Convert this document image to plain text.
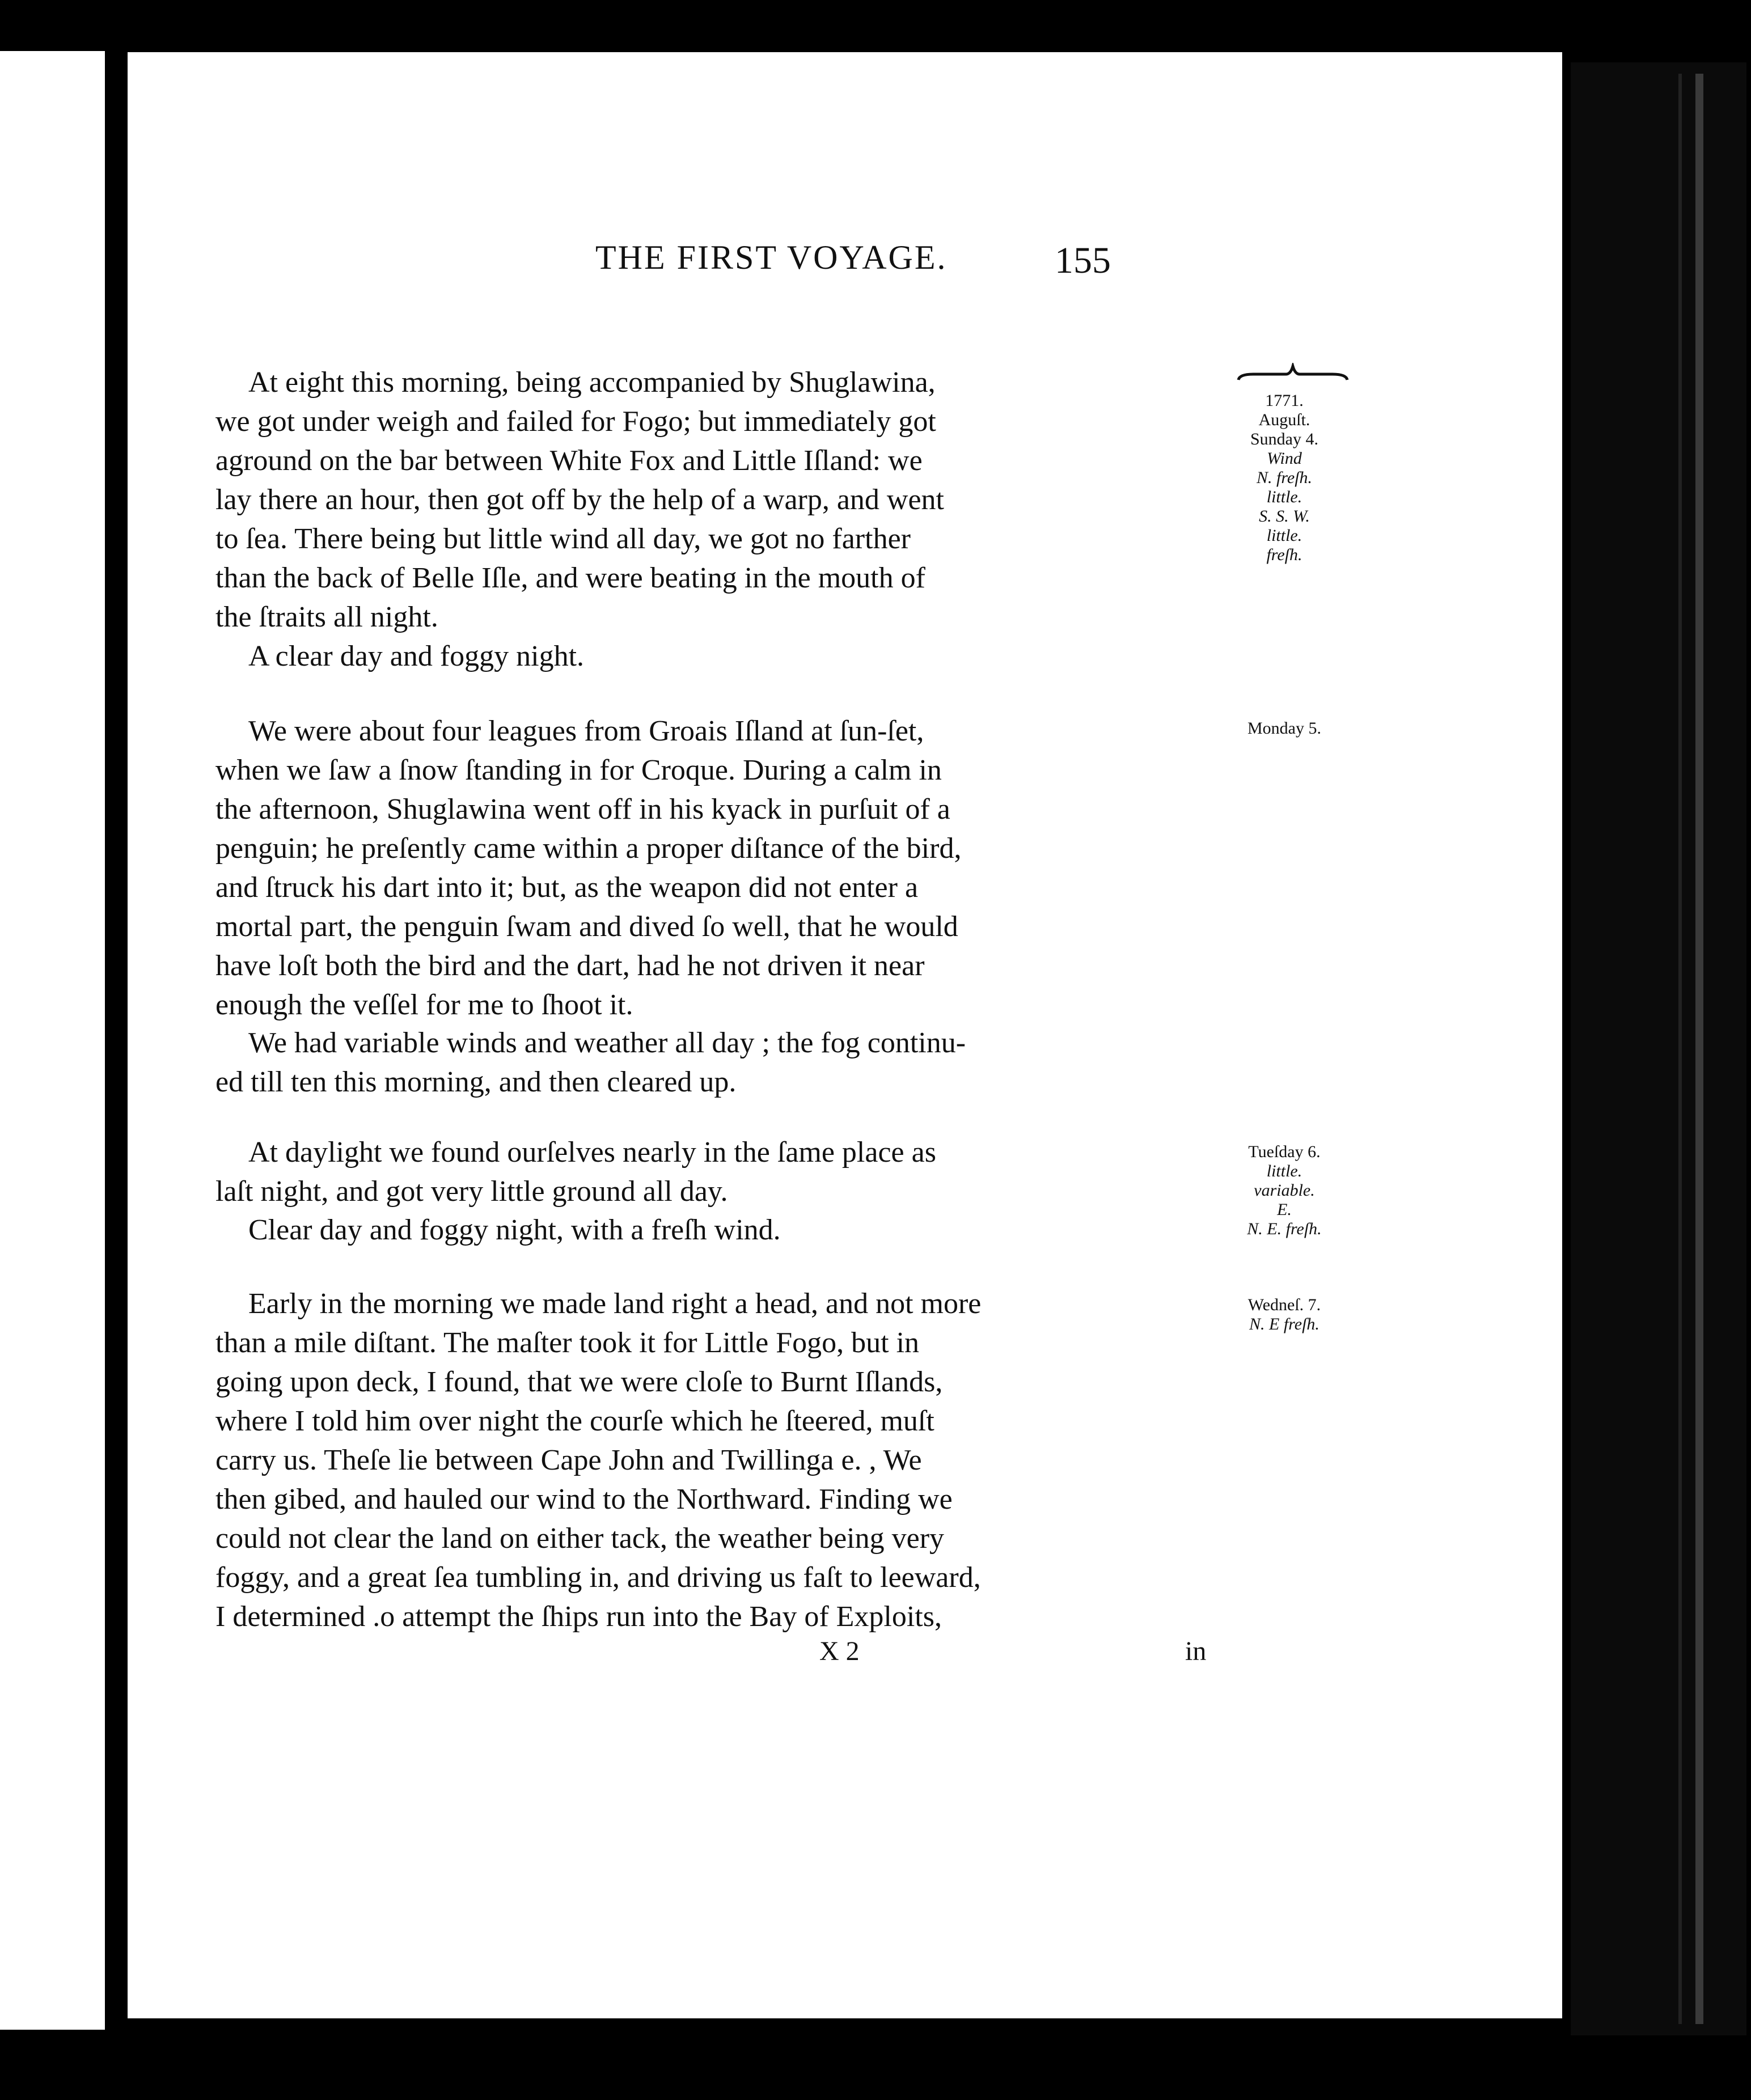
THE FIRST VOYAGE.	155
At eight this morning, being accompanied by Shuglawina,
we got under weigh and failed for Fogo; but immediately got
aground on the bar between White Fox and Little Iſland: we
lay there an hour, then got off by the help of a warp, and went
to ſea. There being but little wind all day, we got no farther
than the back of Belle Iſle, and were beating in the mouth of
the ſtraits all night.
A clear day and foggy night.
We were about four leagues from Groais Iſland at ſun-ſet,
when we ſaw a ſnow ſtanding in for Croque. During a calm in
the afternoon, Shuglawina went off in his kyack in purſuit of a
penguin; he preſently came within a proper diſtance of the bird,
and ſtruck his dart into it; but, as the weapon did not enter a
mortal part, the penguin ſwam and dived ſo well, that he would
have loſt both the bird and the dart, had he not driven it near
enough the veſſel for me to ſhoot it.
We had variable winds and weather all day ; the fog continu-
ed till ten this morning, and then cleared up.
At daylight we found ourſelves nearly in the ſame place as
laſt night, and got very little ground all day.
Clear day and foggy night, with a freſh wind.
Early in the morning we made land right a head, and not more
than a mile diſtant. The maſter took it for Little Fogo, but in
going upon deck, I found, that we were cloſe to Burnt Iſlands,
where I told him over night the courſe which he ſteered, muſt
carry us. Theſe lie between Cape John and Twillinga e. , We
then gibed, and hauled our wind to the Northward. Finding we
could not clear the land on either tack, the weather being very
foggy, and a great ſea tumbling in, and driving us faſt to leeward,
I determined .o attempt the ſhips run into the Bay of Exploits,
1771.
Auguſt.
Sunday 4.
Wind
N. freſh.
little.
S. S. W.
little.
freſh.
Monday 5.
Tueſday 6.
little.
variable.
E.
N. E. freſh.
Wedneſ. 7.
N. E freſh.
X 2	in
